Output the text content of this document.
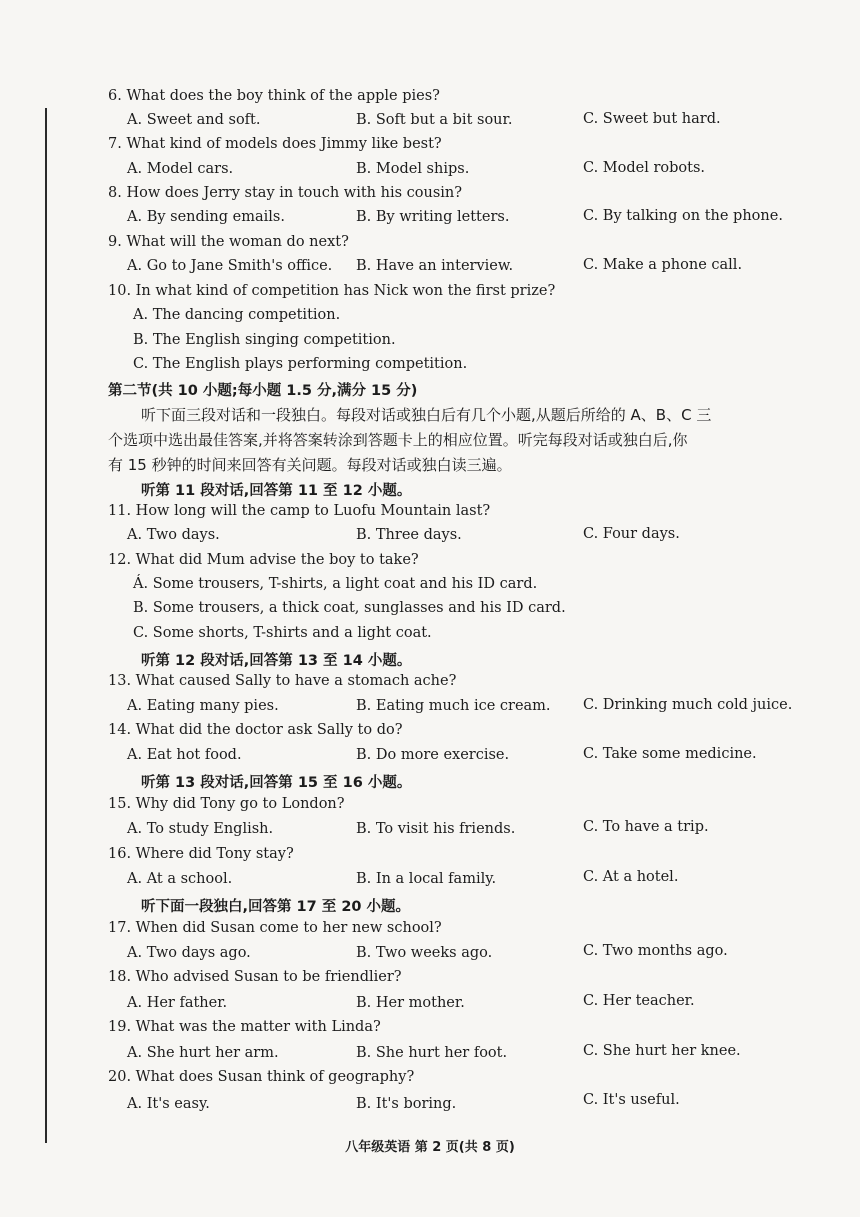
6. What does the boy think of the apple pies?
A. Sweet and soft.	B. Soft but a bit sour.	C. Sweet but hard.
7. What kind of models does Jimmy like best?
A. Model cars.	B. Model ships.	C. Model robots.
8. How does Jerry stay in touch with his cousin?
A. By sending emails.	B. By writing letters.	C. By talking on the phone.
9. What will the woman do next?
A. Go to Jane Smith's office. B. Have an interview.	C. Make a phone call.
10. In what kind of competition has Nick won the first prize?
A. The dancing competition.
B. The English singing competition.
C. The English plays performing competition.
第二节(共 10 小题;每小题 1.5 分,满分 15 分)
听下面三段对话和一段独白。每段对话或独白后有几个小题,从题后所给的 A、B、C 三
个选项中选出最佳答案,并将答案转涂到答题卡上的相应位置。听完每段对话或独白后,你
有 15 秒钟的时间来回答有关问题。每段对话或独白读三遍。
听第 11 段对话,回答第 11 至 12 小题。
11. How long will the camp to Luofu Mountain last?
A. Two days.	B. Three days.	C. Four days.
12. What did Mum advise the boy to take?
Á. Some trousers, T-shirts, a light coat and his ID card.
B. Some trousers, a thick coat, sunglasses and his ID card.
C. Some shorts, T-shirts and a light coat.
听第 12 段对话,回答第 13 至 14 小题。
13. What caused Sally to have a stomach ache?
A. Eating many pies.	B. Eating much ice cream. C. Drinking much cold juice.
14. What did the doctor ask Sally to do?
A. Eat hot food.	B. Do more exercise.	C. Take some medicine.
听第 13 段对话,回答第 15 至 16 小题。
15. Why did Tony go to London?
A. To study English.	B. To visit his friends.	C. To have a trip.
16. Where did Tony stay?
A. At a school.	B. In a local family.	C. At a hotel.
听下面一段独白,回答第 17 至 20 小题。
17. When did Susan come to her new school?
A. Two days ago.	B. Two weeks ago.	C. Two months ago.
18. Who advised Susan to be friendlier?
A. Her father.	B. Her mother.	C. Her teacher.
19. What was the matter with Linda?
A. She hurt her arm.	B. She hurt her foot.	C. She hurt her knee.
20. What does Susan think of geography?
A. It's easy.	B. It's boring.	C. It's useful.
八年级英语 第 2 页(共 8 页)
